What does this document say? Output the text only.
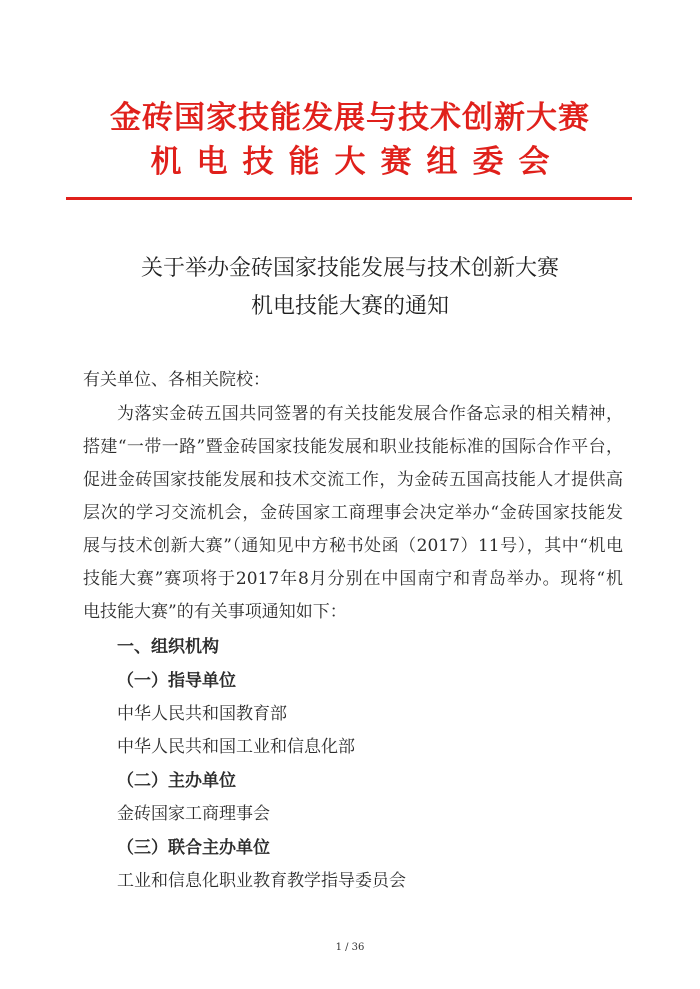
金砖国家技能发展与技术创新大赛
机电技能大赛组委会
关于举办金砖国家技能发展与技术创新大赛
机电技能大赛的通知
有关单位、各相关院校：
为落实金砖五国共同签署的有关技能发展合作备忘录的相关精神，
搭建“一带一路”暨金砖国家技能发展和职业技能标准的国际合作平台，
促进金砖国家技能发展和技术交流工作，为金砖五国高技能人才提供高
层次的学习交流机会，金砖国家工商理事会决定举办“金砖国家技能发
展与技术创新大赛”（通知见中方秘书处函（2017）11号），其中“机电
技能大赛”赛项将于2017年8月分别在中国南宁和青岛举办。现将“机
电技能大赛”的有关事项通知如下：
一、组织机构
（一）指导单位
中华人民共和国教育部
中华人民共和国工业和信息化部
（二）主办单位
金砖国家工商理事会
（三）联合主办单位
工业和信息化职业教育教学指导委员会
1 / 36
